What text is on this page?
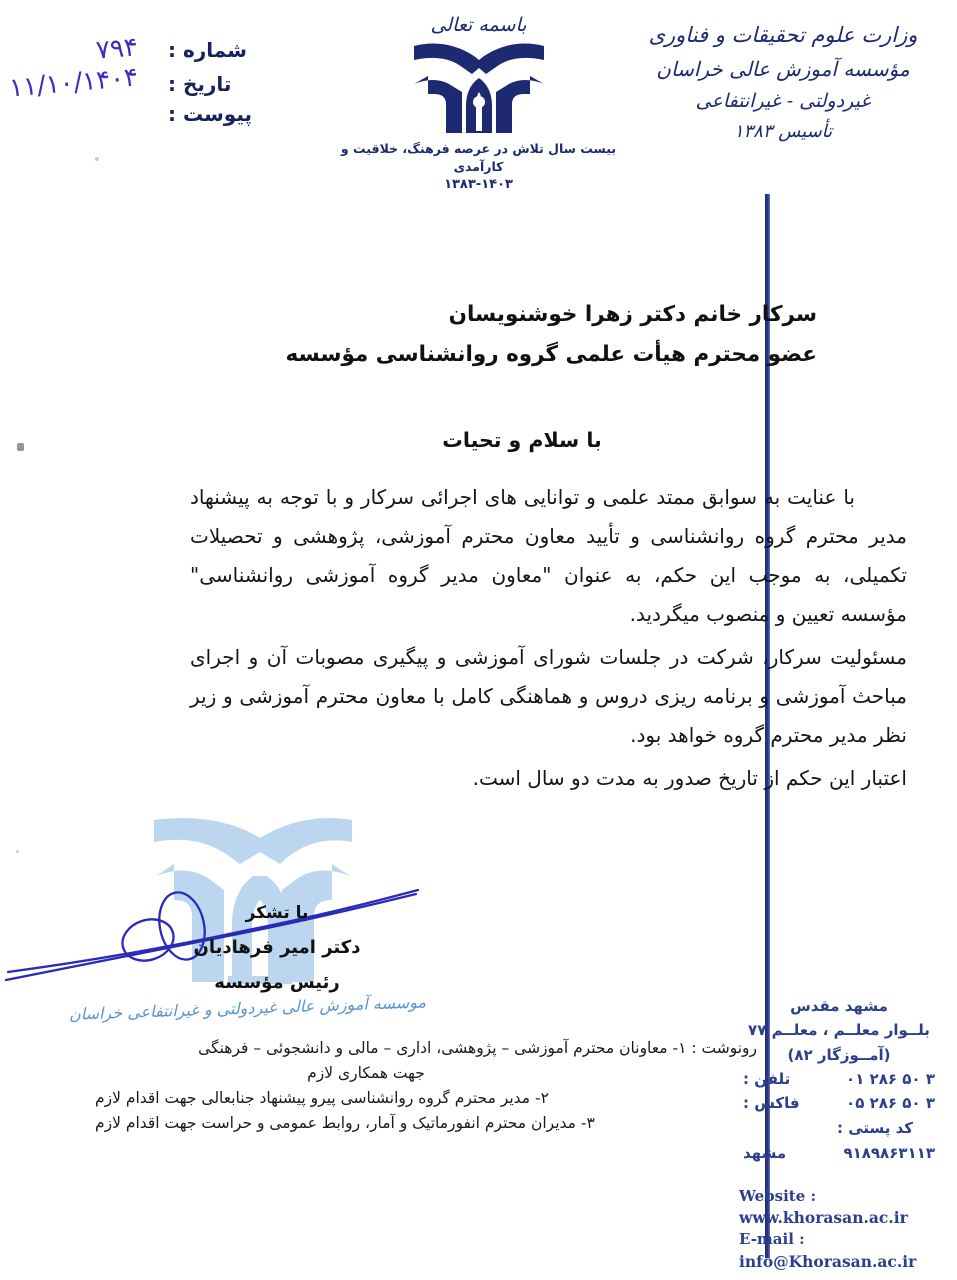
شماره :
۷۹۴
تاریخ :
۱۱/۱۰/۱۴۰۴
پیوست :
باسمه تعالی
بیست سال تلاش در عرصه فرهنگ، خلاقیت و کارآمدی
۱۳۸۳-۱۴۰۳
وزارت علوم تحقیقات و فناوری
مؤسسه آموزش عالی خراسان
غیردولتی - غیرانتفاعی
تأسیس ۱۳۸۳
سرکار خانم دکتر زهرا خوشنویسان
عضو محترم هیأت علمی گروه روانشناسی مؤسسه
با سلام و تحیات

با عنایت به سوابق ممتد علمی و توانایی های اجرائی سرکار و با توجه به پیشنهاد مدیر محترم گروه روانشناسی و تأیید معاون محترم آموزشی، پژوهشی و تحصیلات تکمیلی، به موجب این حکم، به عنوان "معاون مدیر گروه آموزشی روانشناسی" مؤسسه تعیین و منصوب میگردید.

مسئولیت سرکار، شرکت در جلسات شورای آموزشی و پیگیری مصوبات آن و اجرای مباحث آموزشی و برنامه ریزی دروس و هماهنگی کامل با معاون محترم آموزشی و زیر نظر مدیر محترم گروه خواهد بود.

اعتبار این حکم از تاریخ صدور به مدت دو سال است.

موسسه آموزش عالی غیردولتی و غیرانتفاعی خراسان
با تشکر
دکتر امیر فرهادیان
رئیس مؤسسه
رونوشت : ۱- معاونان محترم آموزشی – پژوهشی، اداری – مالی و دانشجوئی – فرهنگی
جهت همکاری لازم
۲- مدیر محترم گروه روانشناسی پیرو پیشنهاد جنابعالی جهت اقدام لازم
۳- مدیران محترم انفورماتیک و آمار، روابط عمومی و حراست جهت اقدام لازم
مشهد مقدس
بلــوار معلــم ، معلــم ۷۷
(آمــوزگار ۸۲)
۳ ۵۰ ۲۸۶ ۰۱
تلفن :
۳ ۵۰ ۲۸۶ ۰۵
فاکس :
کد پستی :
۹۱۸۹۸۶۳۱۱۳
مشهد
Website :
www.khorasan.ac.ir
E-mail :
info@Khorasan.ac.ir
